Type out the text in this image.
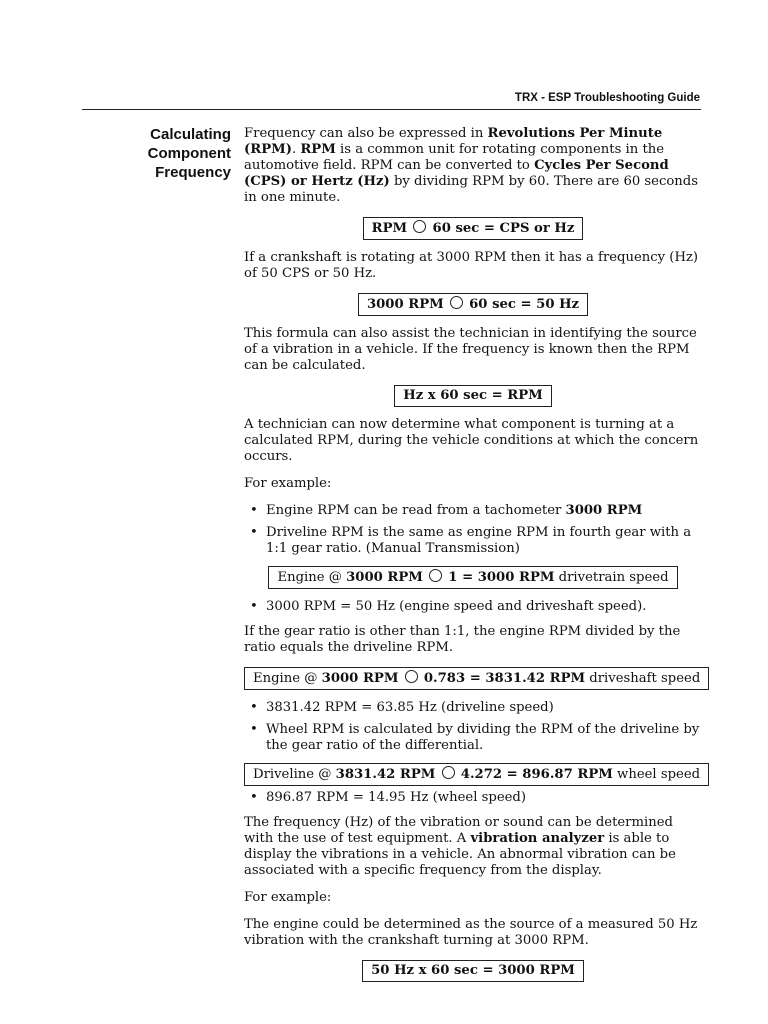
TRX - ESP Troubleshooting Guide
Calculating
Component
Frequency

Frequency can also be expressed in Revolutions Per Minute (RPM). RPM is a common unit for rotating components in the automotive field. RPM can be converted to Cycles Per Second (CPS) or Hertz (Hz) by dividing RPM by 60. There are 60 seconds in one minute.

RPM 60 sec = CPS or Hz

If a crankshaft is rotating at 3000 RPM then it has a frequency (Hz) of 50 CPS or 50 Hz.

3000 RPM 60 sec = 50 Hz

This formula can also assist the technician in identifying the source of a vibration in a vehicle. If the frequency is known then the RPM can be calculated.

Hz x 60 sec = RPM

A technician can now determine what component is turning at a calculated RPM, during the vehicle conditions at which the concern occurs.

For example:

• Engine RPM can be read from a tachometer 3000 RPM
• Driveline RPM is the same as engine RPM in fourth gear with a 1:1 gear ratio. (Manual Transmission)
Engine @ 3000 RPM 1 = 3000 RPM drivetrain speed
• 3000 RPM = 50 Hz (engine speed and driveshaft speed).

If the gear ratio is other than 1:1, the engine RPM divided by the ratio equals the driveline RPM.

Engine @ 3000 RPM 0.783 = 3831.42 RPM driveshaft speed
• 3831.42 RPM = 63.85 Hz (driveline speed)
• Wheel RPM is calculated by dividing the RPM of the driveline by the gear ratio of the differential.
Driveline @ 3831.42 RPM 4.272 = 896.87 RPM wheel speed
• 896.87 RPM = 14.95 Hz (wheel speed)

The frequency (Hz) of the vibration or sound can be determined with the use of test equipment. A vibration analyzer is able to display the vibrations in a vehicle. An abnormal vibration can be associated with a specific frequency from the display.

For example:

The engine could be determined as the source of a measured 50 Hz vibration with the crankshaft turning at 3000 RPM.

50 Hz x 60 sec = 3000 RPM
